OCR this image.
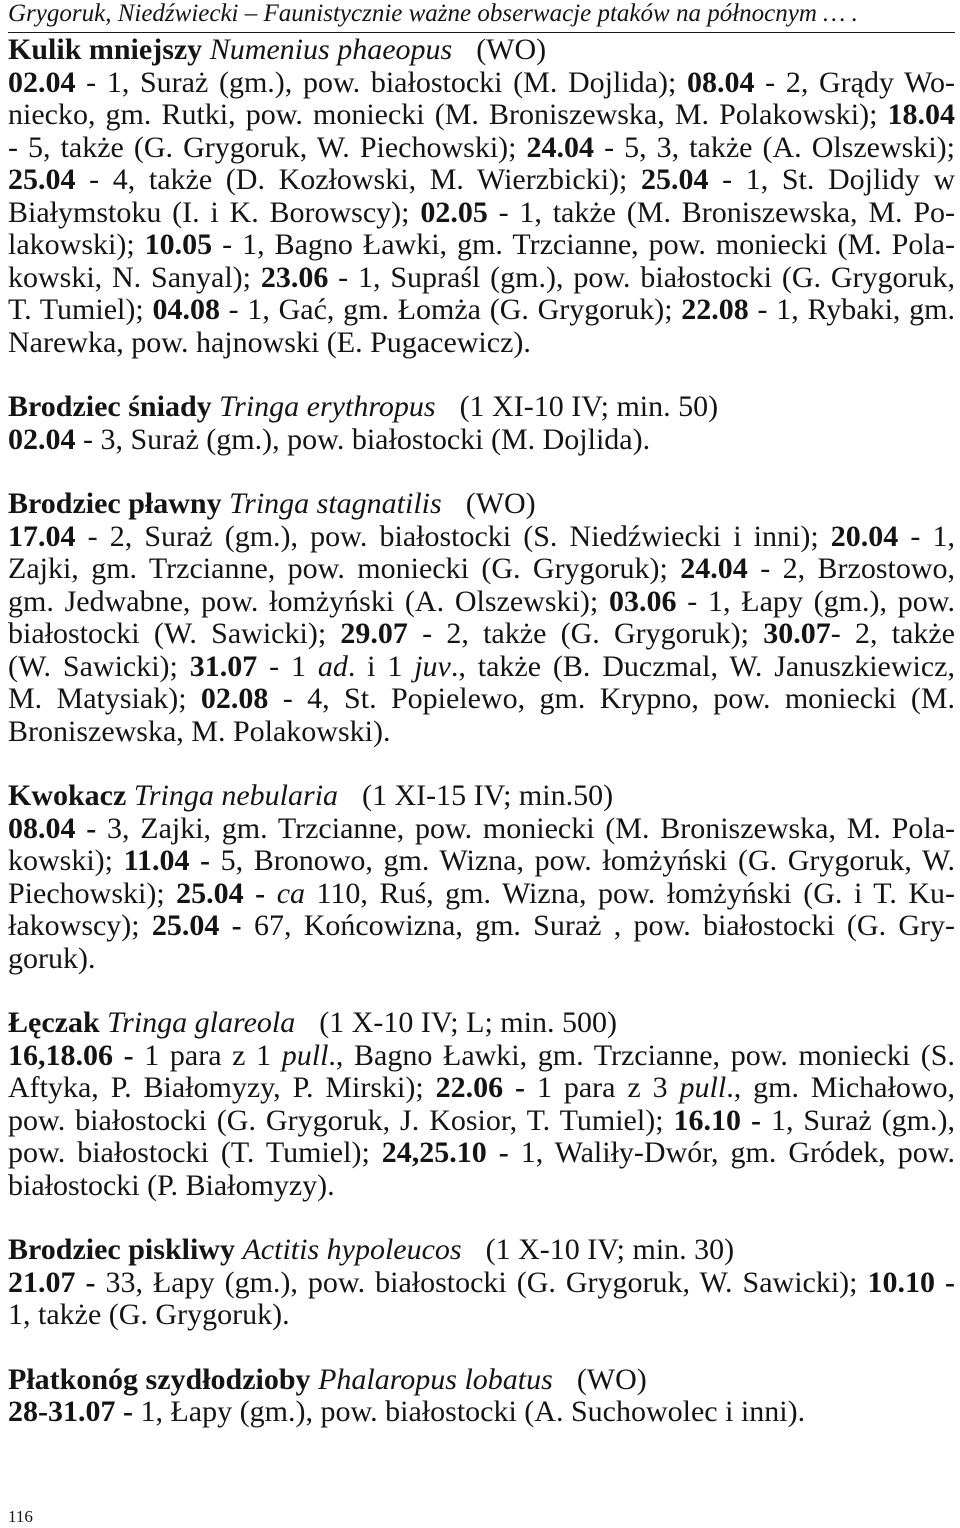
Grygoruk, Niedźwiecki – Faunistycznie ważne obserwacje ptaków na północnym … .
Kulik mniejszy Numenius phaeopus (WO)
02.04 - 1, Suraż (gm.), pow. białostocki (M. Dojlida); 08.04 - 2, Grądy Wo-
niecko, gm. Rutki, pow. moniecki (M. Broniszewska, M. Polakowski); 18.04
- 5, także (G. Grygoruk, W. Piechowski); 24.04 - 5, 3, także (A. Olszewski);
25.04 - 4, także (D. Kozłowski, M. Wierzbicki); 25.04 - 1, St. Dojlidy w
Białymstoku (I. i K. Borowscy); 02.05 - 1, także (M. Broniszewska, M. Po-
lakowski); 10.05 - 1, Bagno Ławki, gm. Trzcianne, pow. moniecki (M. Pola-
kowski, N. Sanyal); 23.06 - 1, Supraśl (gm.), pow. białostocki (G. Grygoruk,
T. Tumiel); 04.08 - 1, Gać, gm. Łomża (G. Grygoruk); 22.08 - 1, Rybaki, gm.
Narewka, pow. hajnowski (E. Pugacewicz).
Brodziec śniady Tringa erythropus (1 XI-10 IV; min. 50)
02.04 - 3, Suraż (gm.), pow. białostocki (M. Dojlida).
Brodziec pławny Tringa stagnatilis (WO)
17.04 - 2, Suraż (gm.), pow. białostocki (S. Niedźwiecki i inni); 20.04 - 1,
Zajki, gm. Trzcianne, pow. moniecki (G. Grygoruk); 24.04 - 2, Brzostowo,
gm. Jedwabne, pow. łomżyński (A. Olszewski); 03.06 - 1, Łapy (gm.), pow.
białostocki (W. Sawicki); 29.07 - 2, także (G. Grygoruk); 30.07- 2, także
(W. Sawicki); 31.07 - 1 ad. i 1 juv., także (B. Duczmal, W. Januszkiewicz,
M. Matysiak); 02.08 - 4, St. Popielewo, gm. Krypno, pow. moniecki (M.
Broniszewska, M. Polakowski).
Kwokacz Tringa nebularia (1 XI-15 IV; min.50)
08.04 - 3, Zajki, gm. Trzcianne, pow. moniecki (M. Broniszewska, M. Pola-
kowski); 11.04 - 5, Bronowo, gm. Wizna, pow. łomżyński (G. Grygoruk, W.
Piechowski); 25.04 - ca 110, Ruś, gm. Wizna, pow. łomżyński (G. i T. Ku-
łakowscy); 25.04 - 67, Końcowizna, gm. Suraż , pow. białostocki (G. Gry-
goruk).
Łęczak Tringa glareola (1 X-10 IV; L; min. 500)
16,18.06 - 1 para z 1 pull., Bagno Ławki, gm. Trzcianne, pow. moniecki (S.
Aftyka, P. Białomyzy, P. Mirski); 22.06 - 1 para z 3 pull., gm. Michałowo,
pow. białostocki (G. Grygoruk, J. Kosior, T. Tumiel); 16.10 - 1, Suraż (gm.),
pow. białostocki (T. Tumiel); 24,25.10 - 1, Waliły-Dwór, gm. Gródek, pow.
białostocki (P. Białomyzy).
Brodziec piskliwy Actitis hypoleucos (1 X-10 IV; min. 30)
21.07 - 33, Łapy (gm.), pow. białostocki (G. Grygoruk, W. Sawicki); 10.10 -
1, także (G. Grygoruk).
Płatkonóg szydłodzioby Phalaropus lobatus (WO)
28-31.07 - 1, Łapy (gm.), pow. białostocki (A. Suchowolec i inni).
116
